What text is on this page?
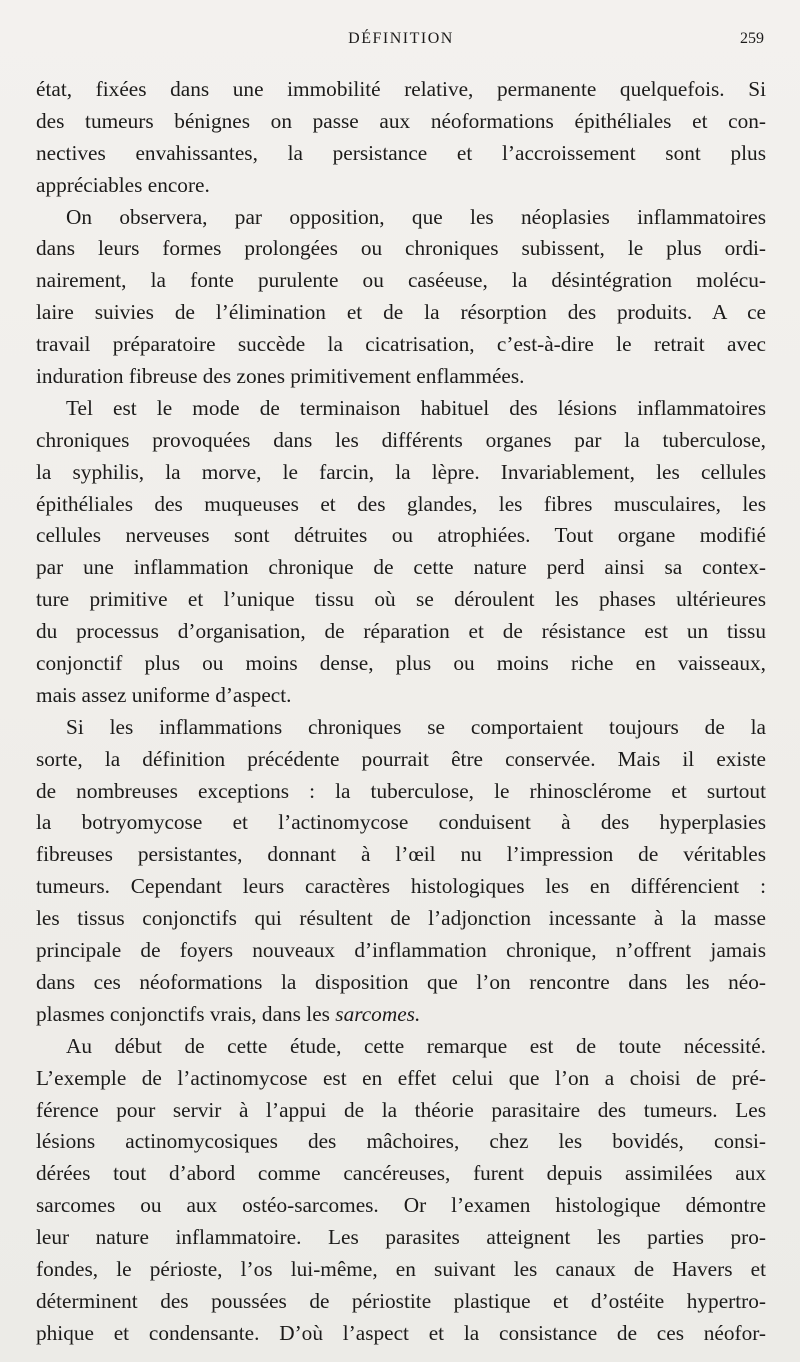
DÉFINITION	259
état, fixées dans une immobilité relative, permanente quelquefois. Si
des tumeurs bénignes on passe aux néoformations épithéliales et con-
nectives envahissantes, la persistance et l’accroissement sont plus
appréciables encore.
On observera, par opposition, que les néoplasies inflammatoires
dans leurs formes prolongées ou chroniques subissent, le plus ordi-
nairement, la fonte purulente ou caséeuse, la désintégration molécu-
laire suivies de l’élimination et de la résorption des produits. A ce
travail préparatoire succède la cicatrisation, c’est-à-dire le retrait avec
induration fibreuse des zones primitivement enflammées.
Tel est le mode de terminaison habituel des lésions inflammatoires
chroniques provoquées dans les différents organes par la tuberculose,
la syphilis, la morve, le farcin, la lèpre. Invariablement, les cellules
épithéliales des muqueuses et des glandes, les fibres musculaires, les
cellules nerveuses sont détruites ou atrophiées. Tout organe modifié
par une inflammation chronique de cette nature perd ainsi sa contex-
ture primitive et l’unique tissu où se déroulent les phases ultérieures
du processus d’organisation, de réparation et de résistance est un tissu
conjonctif plus ou moins dense, plus ou moins riche en vaisseaux,
mais assez uniforme d’aspect.
Si les inflammations chroniques se comportaient toujours de la
sorte, la définition précédente pourrait être conservée. Mais il existe
de nombreuses exceptions : la tuberculose, le rhinosclérome et surtout
la botryomycose et l’actinomycose conduisent à des hyperplasies
fibreuses persistantes, donnant à l’œil nu l’impression de véritables
tumeurs. Cependant leurs caractères histologiques les en différencient :
les tissus conjonctifs qui résultent de l’adjonction incessante à la masse
principale de foyers nouveaux d’inflammation chronique, n’offrent jamais
dans ces néoformations la disposition que l’on rencontre dans les néo-
plasmes conjonctifs vrais, dans les sarcomes.
Au début de cette étude, cette remarque est de toute nécessité.
L’exemple de l’actinomycose est en effet celui que l’on a choisi de pré-
férence pour servir à l’appui de la théorie parasitaire des tumeurs. Les
lésions actinomycosiques des mâchoires, chez les bovidés, consi-
dérées tout d’abord comme cancéreuses, furent depuis assimilées aux
sarcomes ou aux ostéo-sarcomes. Or l’examen histologique démontre
leur nature inflammatoire. Les parasites atteignent les parties pro-
fondes, le périoste, l’os lui-même, en suivant les canaux de Havers et
déterminent des poussées de périostite plastique et d’ostéite hypertro-
phique et condensante. D’où l’aspect et la consistance de ces néofor-
